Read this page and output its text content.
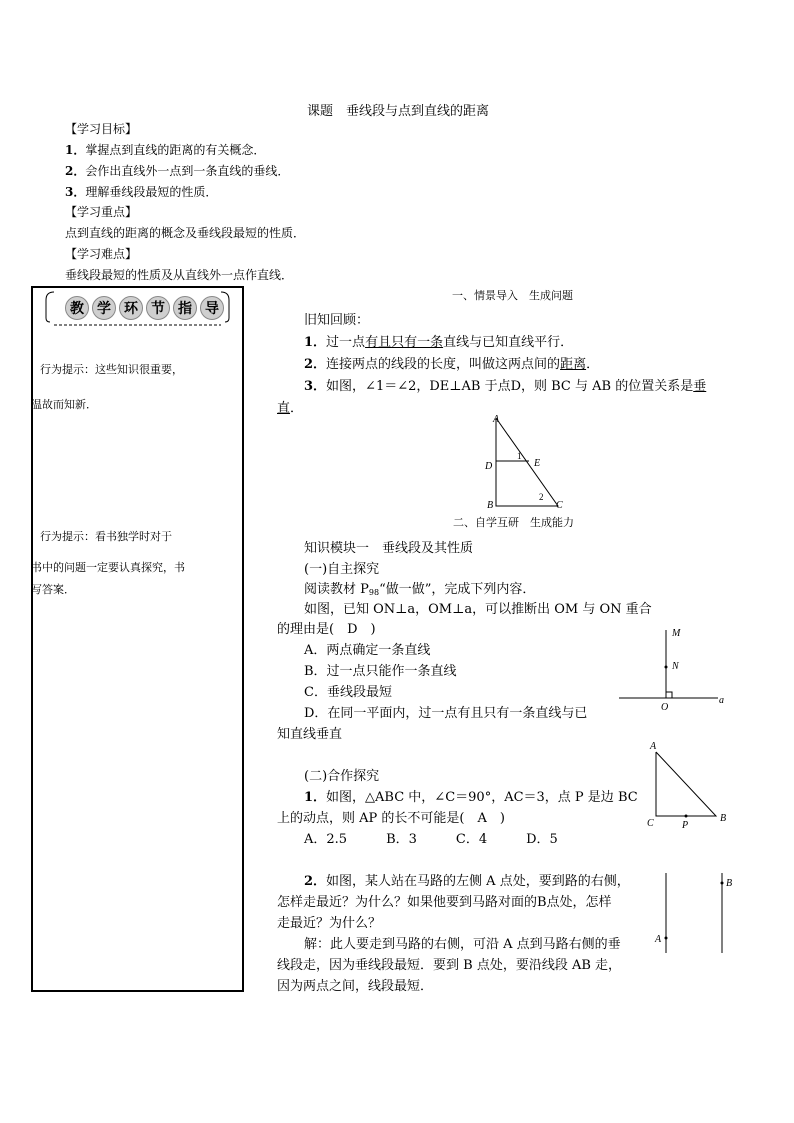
课题　垂线段与点到直线的距离
【学习目标】
1．掌握点到直线的距离的有关概念．
2．会作出直线外一点到一条直线的垂线．
3．理解垂线段最短的性质．
【学习重点】
点到直线的距离的概念及垂线段最短的性质．
【学习难点】
垂线段最短的性质及从直线外一点作直线．
教 学 环 节 指 导
行为提示：这些知识很重要，
温故而知新．
行为提示：看书独学时对于
书中的问题一定要认真探究，书
写答案．
一、情景导入　生成问题
旧知回顾：
1．过一点有且只有一条直线与已知直线平行．
2．连接两点的线段的长度，叫做这两点间的距离．
3．如图，∠1＝∠2，DE⊥AB 于点D，则 BC 与 AB 的位置关系是垂
直．
A
D	E
B	C
1
2
二、自学互研　生成能力
知识模块一　垂线段及其性质
(一)自主探究
阅读教材 $P_{98}“$做一做”，完成下列内容．
如图，已知 ON⊥a，OM⊥a，可以推断出 OM 与 ON 重合
的理由是(　D　)
A．两点确定一条直线
B．过一点只能作一条直线
C．垂线段最短
D．在同一平面内，过一点有且只有一条直线与已
知直线垂直
M
N
O
a
(二)合作探究
1．如图，△ABC 中，∠C＝90°，AC＝3，点 P 是边 BC
上的动点，则 AP 的长不可能是(　A　)
A．2.5　　　B．3　　　C．4　　　D．5
A
C	P
B
2．如图，某人站在马路的左侧 A 点处，要到路的右侧，
怎样走最近？为什么？如果他要到马路对面的B点处，怎样
走最近？为什么？
解：此人要走到马路的右侧，可沿 A 点到马路右侧的垂
线段走，因为垂线段最短．要到 B 点处，要沿线段 AB 走，
因为两点之间，线段最短．
B
A
